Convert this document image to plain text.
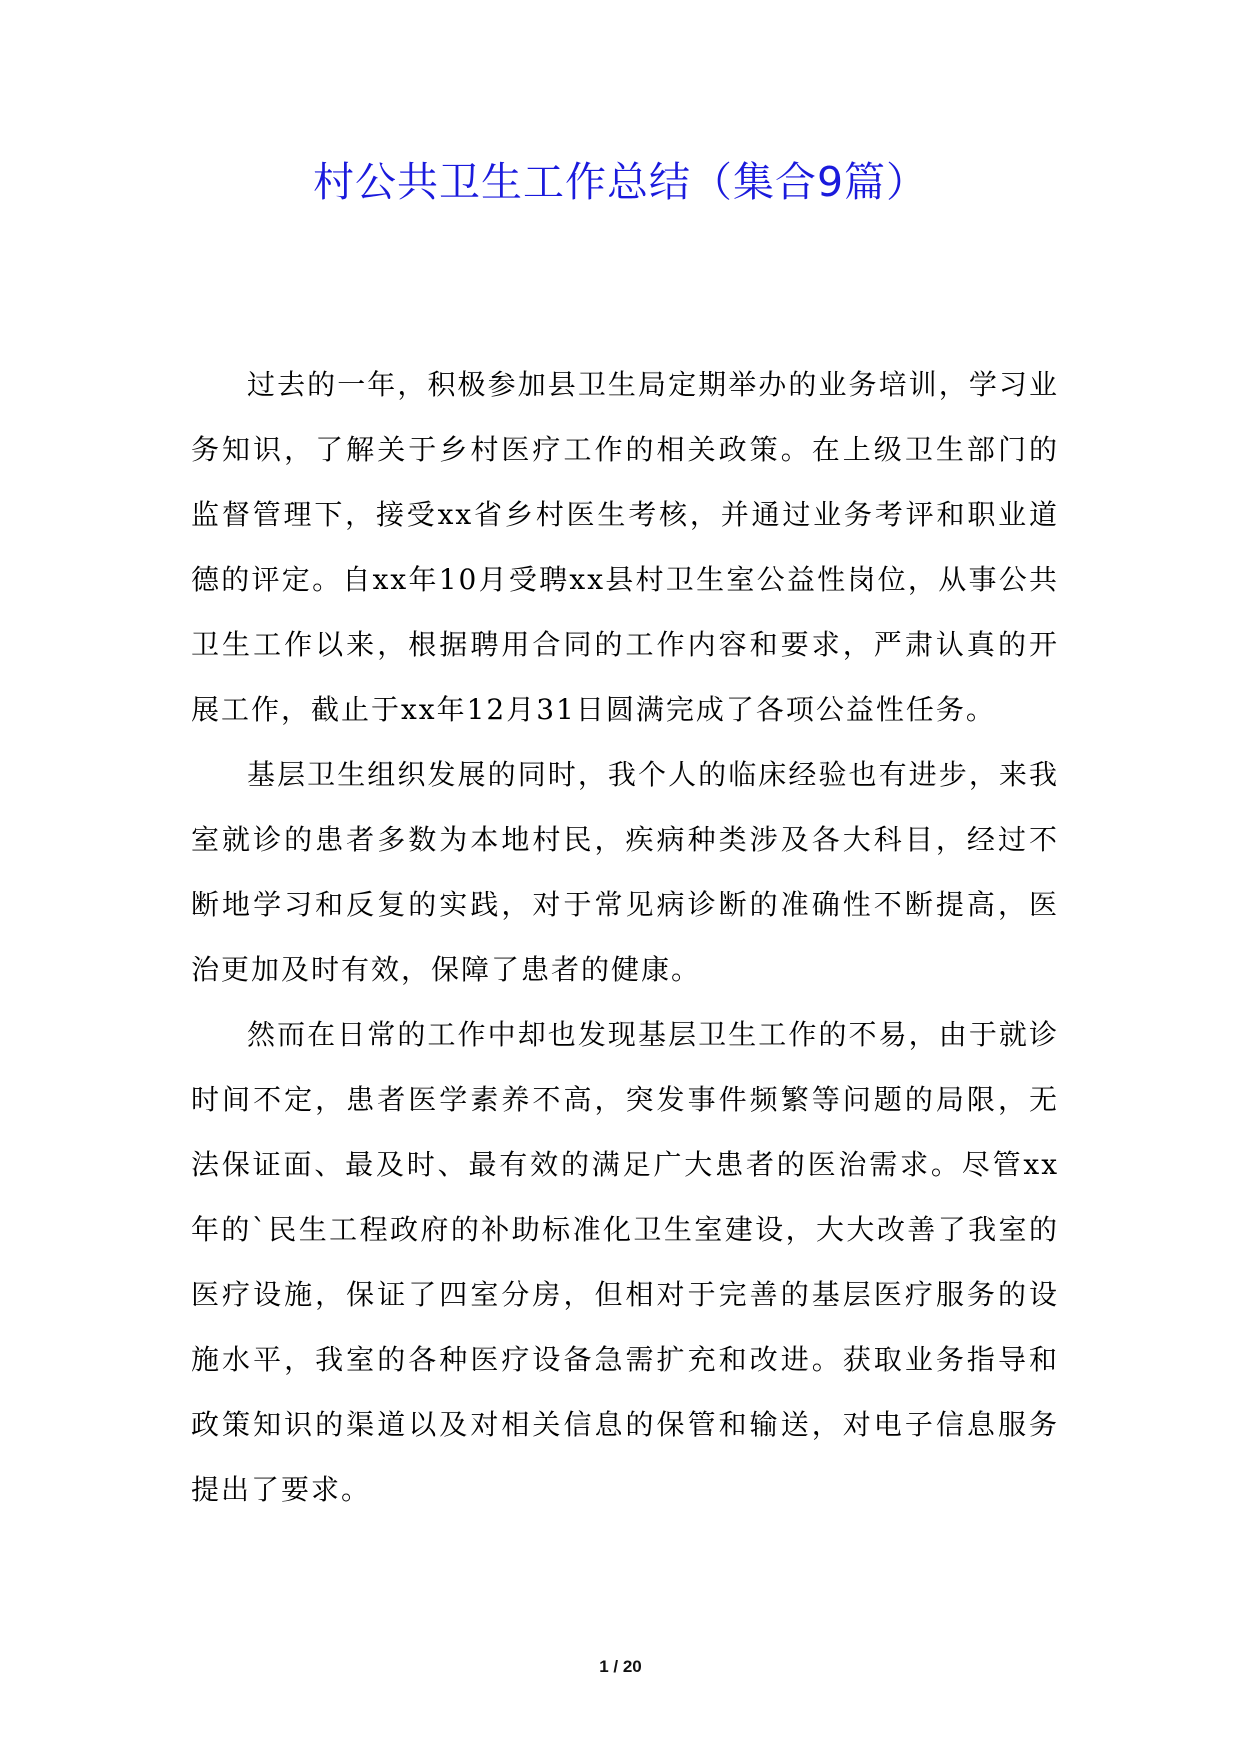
村公共卫生工作总结（集合9篇）

过去的一年，积极参加县卫生局定期举办的业务培训，学习业务知识，了解关于乡村医疗工作的相关政策。在上级卫生部门的监督管理下，接受xx省乡村医生考核，并通过业务考评和职业道德的评定。自xx年10月受聘xx县村卫生室公益性岗位，从事公共卫生工作以来，根据聘用合同的工作内容和要求，严肃认真的开展工作，截止于xx年12月31日圆满完成了各项公益性任务。

基层卫生组织发展的同时，我个人的临床经验也有进步，来我室就诊的患者多数为本地村民，疾病种类涉及各大科目，经过不断地学习和反复的实践，对于常见病诊断的准确性不断提高，医治更加及时有效，保障了患者的健康。

然而在日常的工作中却也发现基层卫生工作的不易，由于就诊时间不定，患者医学素养不高，突发事件频繁等问题的局限，无法保证面、最及时、最有效的满足广大患者的医治需求。尽管xx年的`民生工程政府的补助标准化卫生室建设，大大改善了我室的医疗设施，保证了四室分房，但相对于完善的基层医疗服务的设施水平，我室的各种医疗设备急需扩充和改进。获取业务指导和政策知识的渠道以及对相关信息的保管和输送，对电子信息服务提出了要求。

1 / 20
